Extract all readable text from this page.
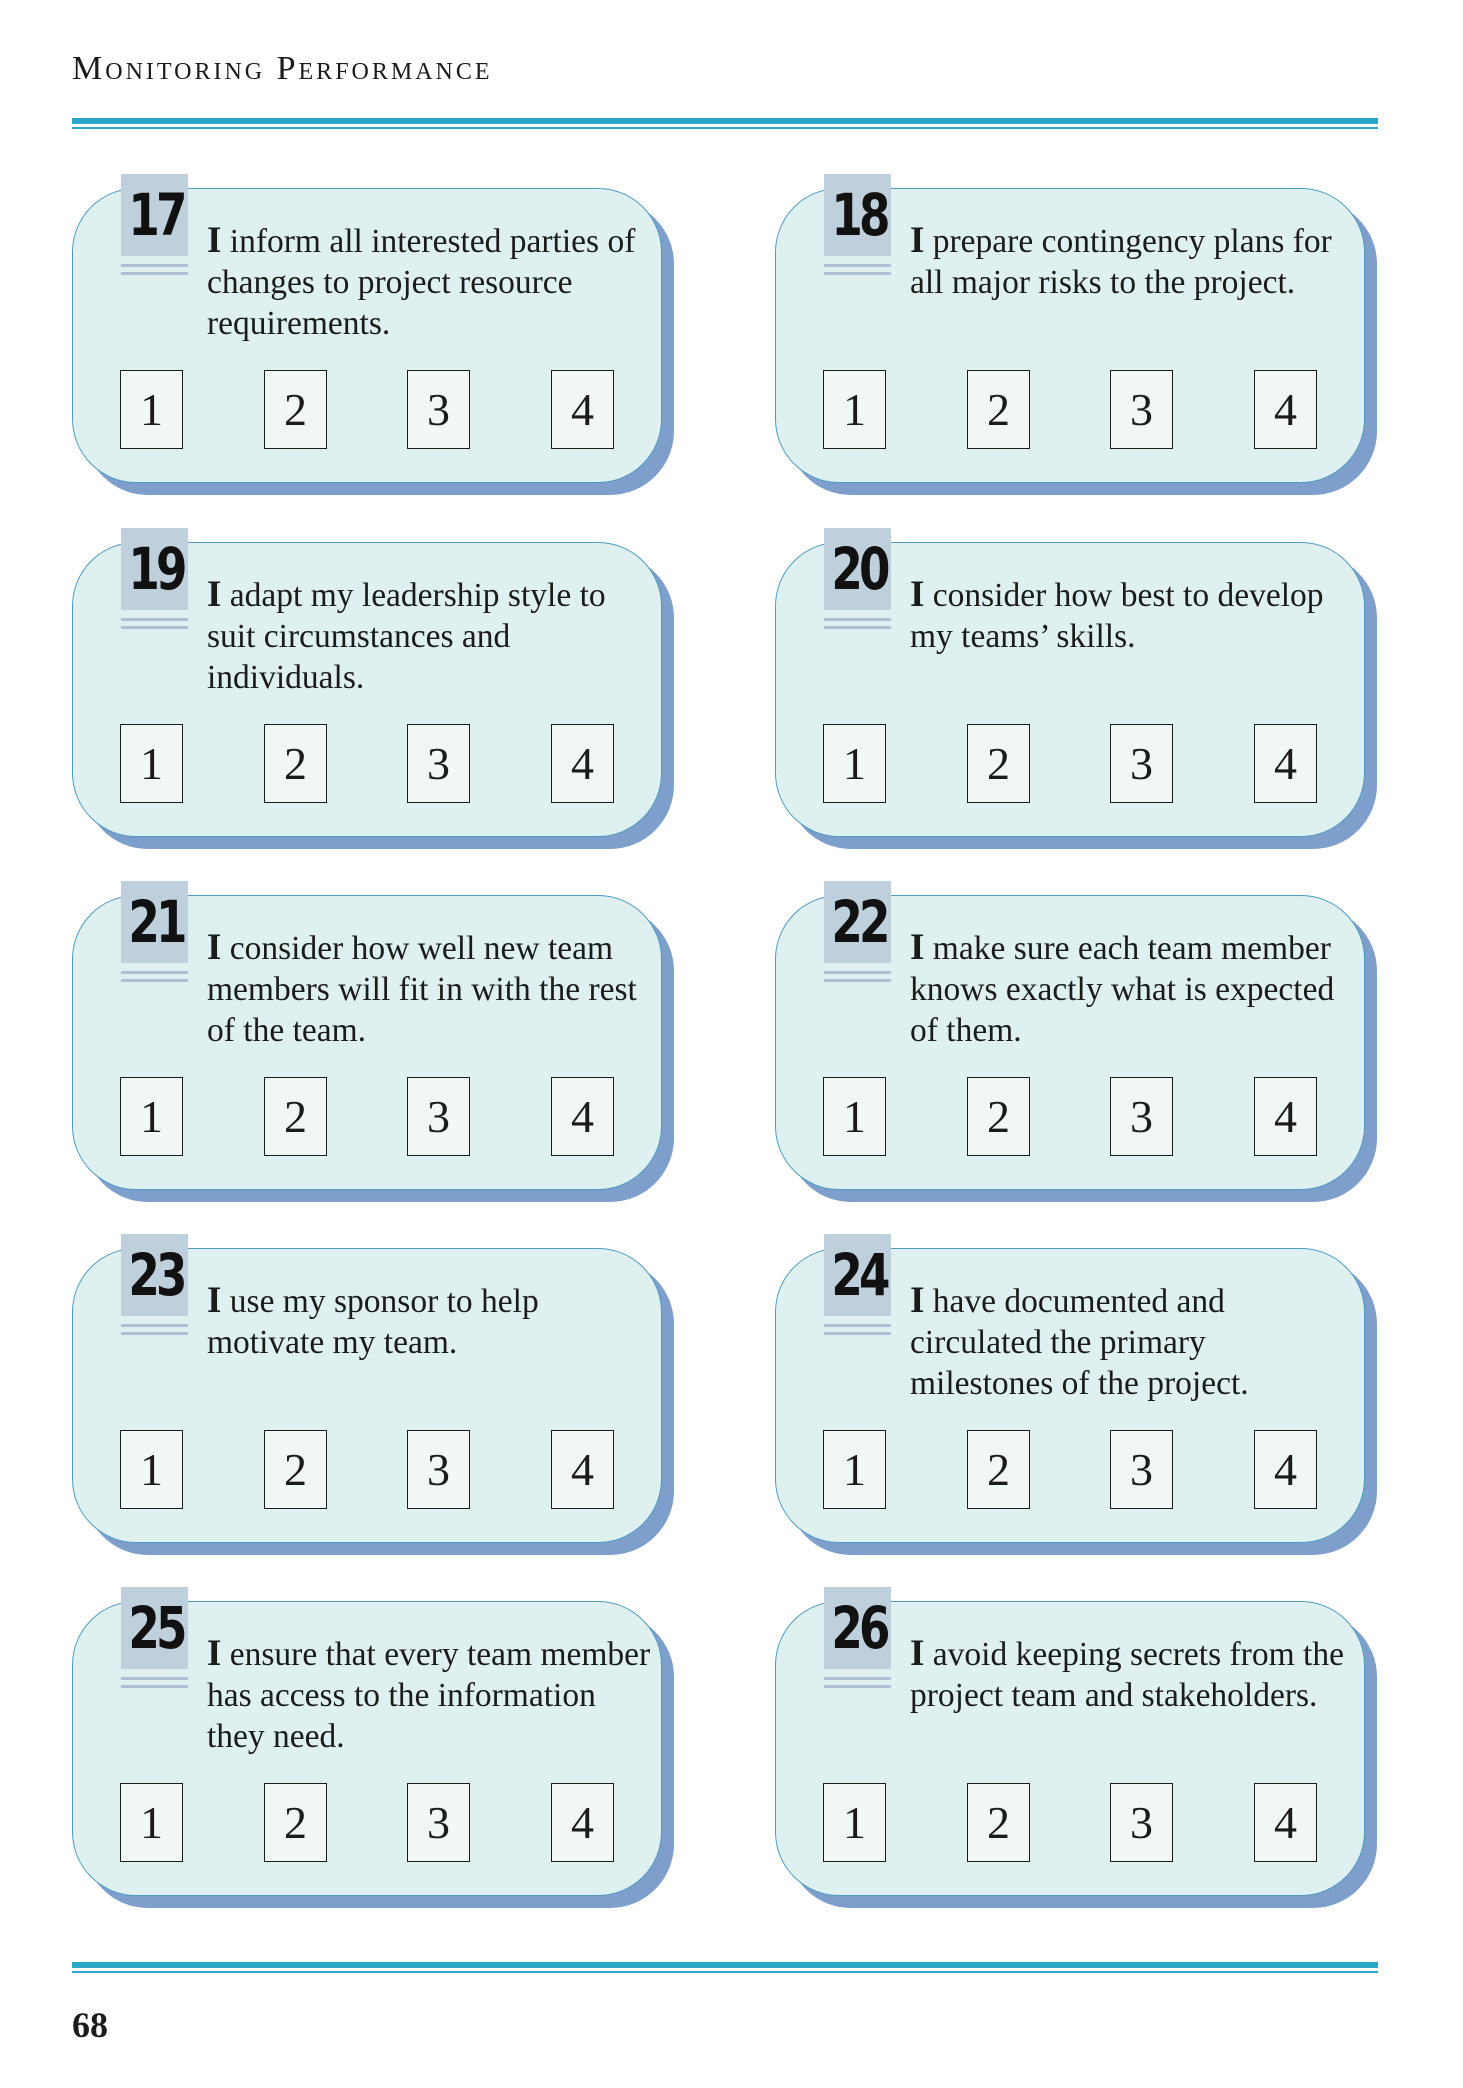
Monitoring Performance
17 I inform all interested parties of changes to project resource requirements.
1	2	3	4
18 I prepare contingency plans for all major risks to the project.
1	2	3	4
19 I adapt my leadership style to suit circumstances and individuals.
1	2	3	4
20 I consider how best to develop my teams’ skills.
1	2	3	4
21 I consider how well new team members will fit in with the rest of the team.
1	2	3	4
22 I make sure each team member knows exactly what is expected of them.
1	2	3	4
23 I use my sponsor to help motivate my team.
1	2	3	4
24 I have documented and circulated the primary milestones of the project.
1	2	3	4
25 I ensure that every team member has access to the information they need.
1	2	3	4
26 I avoid keeping secrets from the project team and stakeholders.
1	2	3	4
68
